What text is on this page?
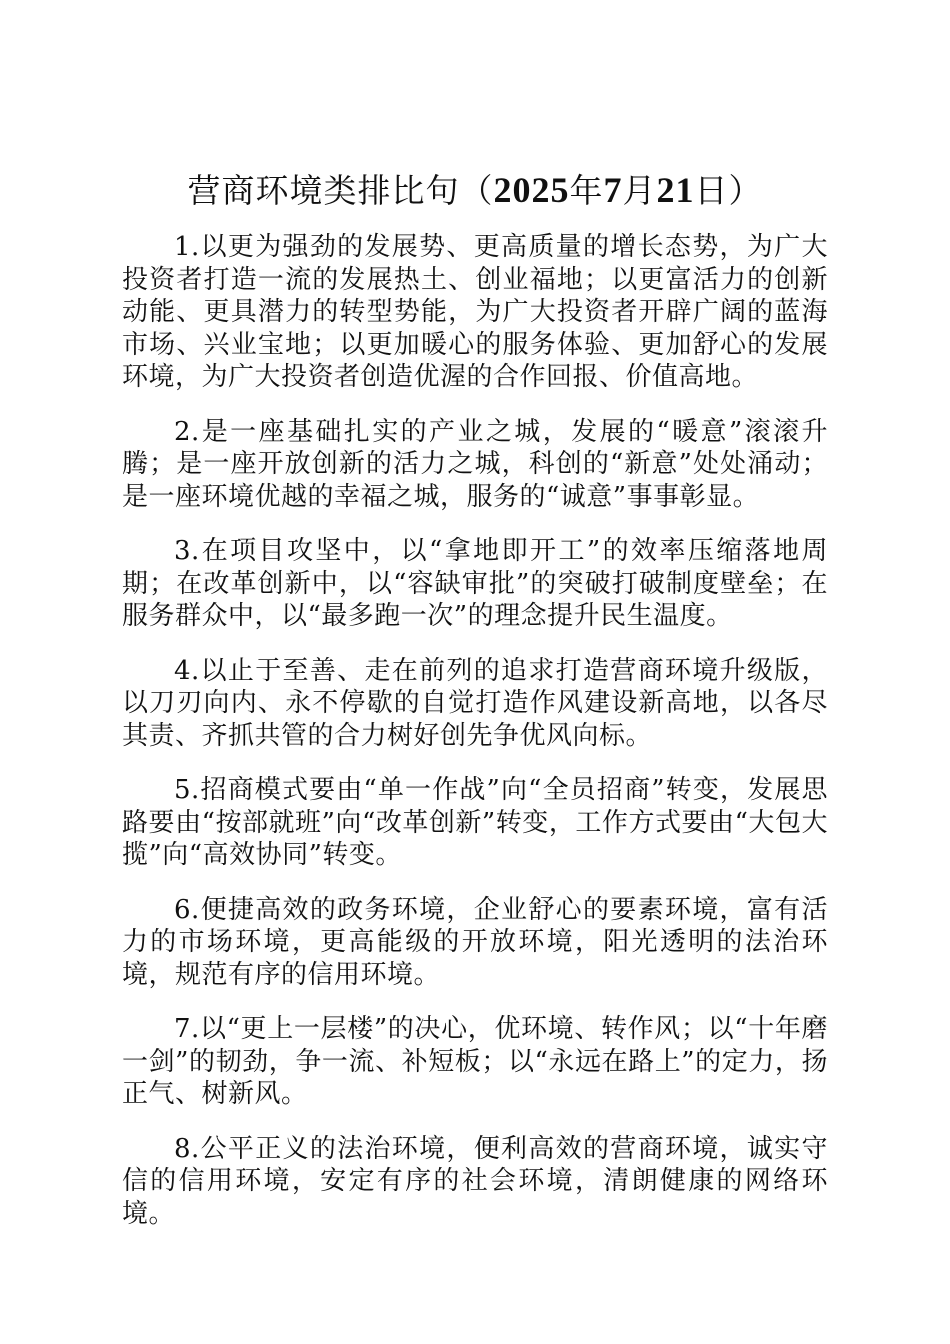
营商环境类排比句（2025年7月21日）

1.以更为强劲的发展势、更高质量的增长态势，为广大投资者打造一流的发展热土、创业福地；以更富活力的创新动能、更具潜力的转型势能，为广大投资者开辟广阔的蓝海市场、兴业宝地；以更加暖心的服务体验、更加舒心的发展环境，为广大投资者创造优渥的合作回报、价值高地。

2.是一座基础扎实的产业之城，发展的“暖意”滚滚升腾；是一座开放创新的活力之城，科创的“新意”处处涌动；是一座环境优越的幸福之城，服务的“诚意”事事彰显。

3.在项目攻坚中，以“拿地即开工”的效率压缩落地周期；在改革创新中，以“容缺审批”的突破打破制度壁垒；在服务群众中，以“最多跑一次”的理念提升民生温度。

4.以止于至善、走在前列的追求打造营商环境升级版，以刀刃向内、永不停歇的自觉打造作风建设新高地，以各尽其责、齐抓共管的合力树好创先争优风向标。

5.招商模式要由“单一作战”向“全员招商”转变，发展思路要由“按部就班”向“改革创新”转变，工作方式要由“大包大揽”向“高效协同”转变。

6.便捷高效的政务环境，企业舒心的要素环境，富有活力的市场环境，更高能级的开放环境，阳光透明的法治环境，规范有序的信用环境。

7.以“更上一层楼”的决心，优环境、转作风；以“十年磨一剑”的韧劲，争一流、补短板；以“永远在路上”的定力，扬正气、树新风。

8.公平正义的法治环境，便利高效的营商环境，诚实守信的信用环境，安定有序的社会环境，清朗健康的网络环境。
